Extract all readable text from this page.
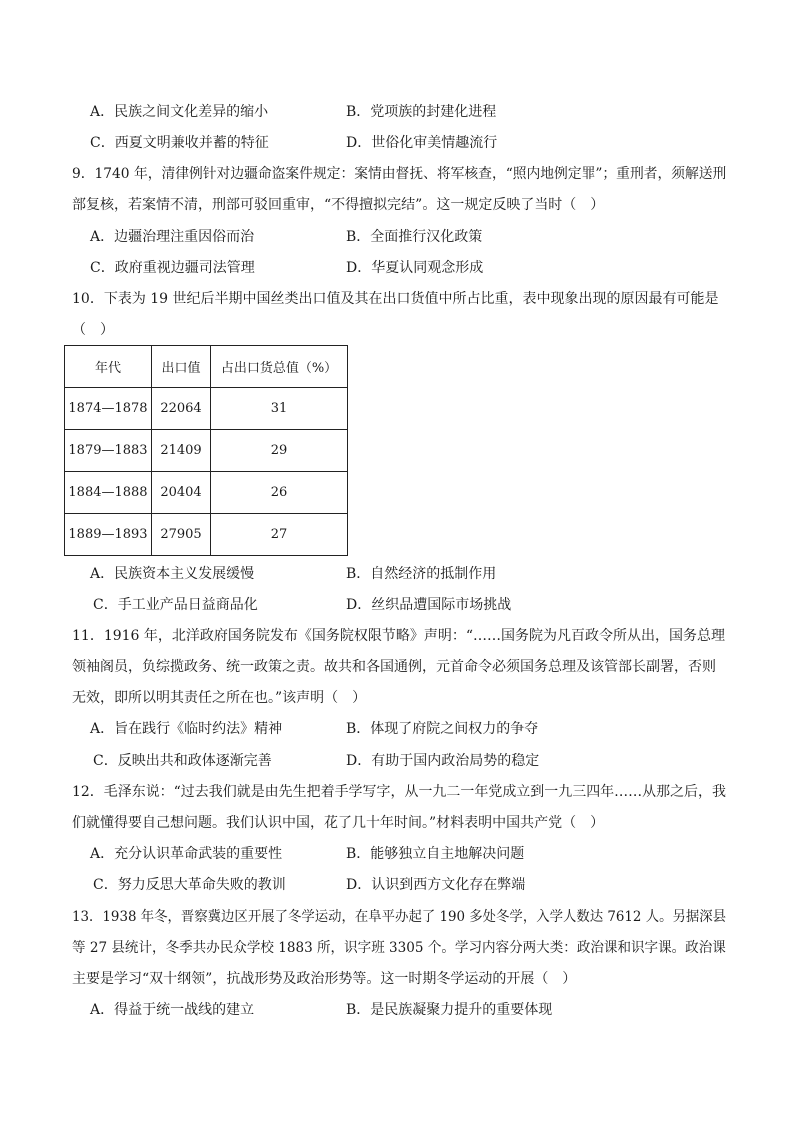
A．民族之间文化差异的缩小	B．党项族的封建化进程
C．西夏文明兼收并蓄的特征	D．世俗化审美情趣流行
9．1740 年，清律例针对边疆命盗案件规定：案情由督抚、将军核查，“照内地例定罪”；重刑者，须解送刑
部复核，若案情不清，刑部可驳回重审，“不得擅拟完结”。这一规定反映了当时（　）
A．边疆治理注重因俗而治	B．全面推行汉化政策
C．政府重视边疆司法管理	D．华夏认同观念形成
10．下表为 19 世纪后半期中国丝类出口值及其在出口货值中所占比重，表中现象出现的原因最有可能是
（　）
年代	出口值	占出口货总值（%）
1874—1878	22064	31
1879—1883	21409	29
1884—1888	20404	26
1889—1893	27905	27
A．民族资本主义发展缓慢	B．自然经济的抵制作用
C．手工业产品日益商品化	D．丝织品遭国际市场挑战
11．1916 年，北洋政府国务院发布《国务院权限节略》声明：“……国务院为凡百政令所从出，国务总理
领袖阁员，负综揽政务、统一政策之责。故共和各国通例，元首命令必须国务总理及该管部长副署，否则
无效，即所以明其责任之所在也。”该声明（　）
A．旨在践行《临时约法》精神	B．体现了府院之间权力的争夺
C．反映出共和政体逐渐完善	D．有助于国内政治局势的稳定
12．毛泽东说：“过去我们就是由先生把着手学写字，从一九二一年党成立到一九三四年……从那之后，我
们就懂得要自己想问题。我们认识中国，花了几十年时间。”材料表明中国共产党（　）
A．充分认识革命武装的重要性	B．能够独立自主地解决问题
C．努力反思大革命失败的教训	D．认识到西方文化存在弊端
13．1938 年冬，晋察冀边区开展了冬学运动，在阜平办起了 190 多处冬学，入学人数达 7612 人。另据深县
等 27 县统计，冬季共办民众学校 1883 所，识字班 3305 个。学习内容分两大类：政治课和识字课。政治课
主要是学习“双十纲领”，抗战形势及政治形势等。这一时期冬学运动的开展（　）
A．得益于统一战线的建立	B．是民族凝聚力提升的重要体现
